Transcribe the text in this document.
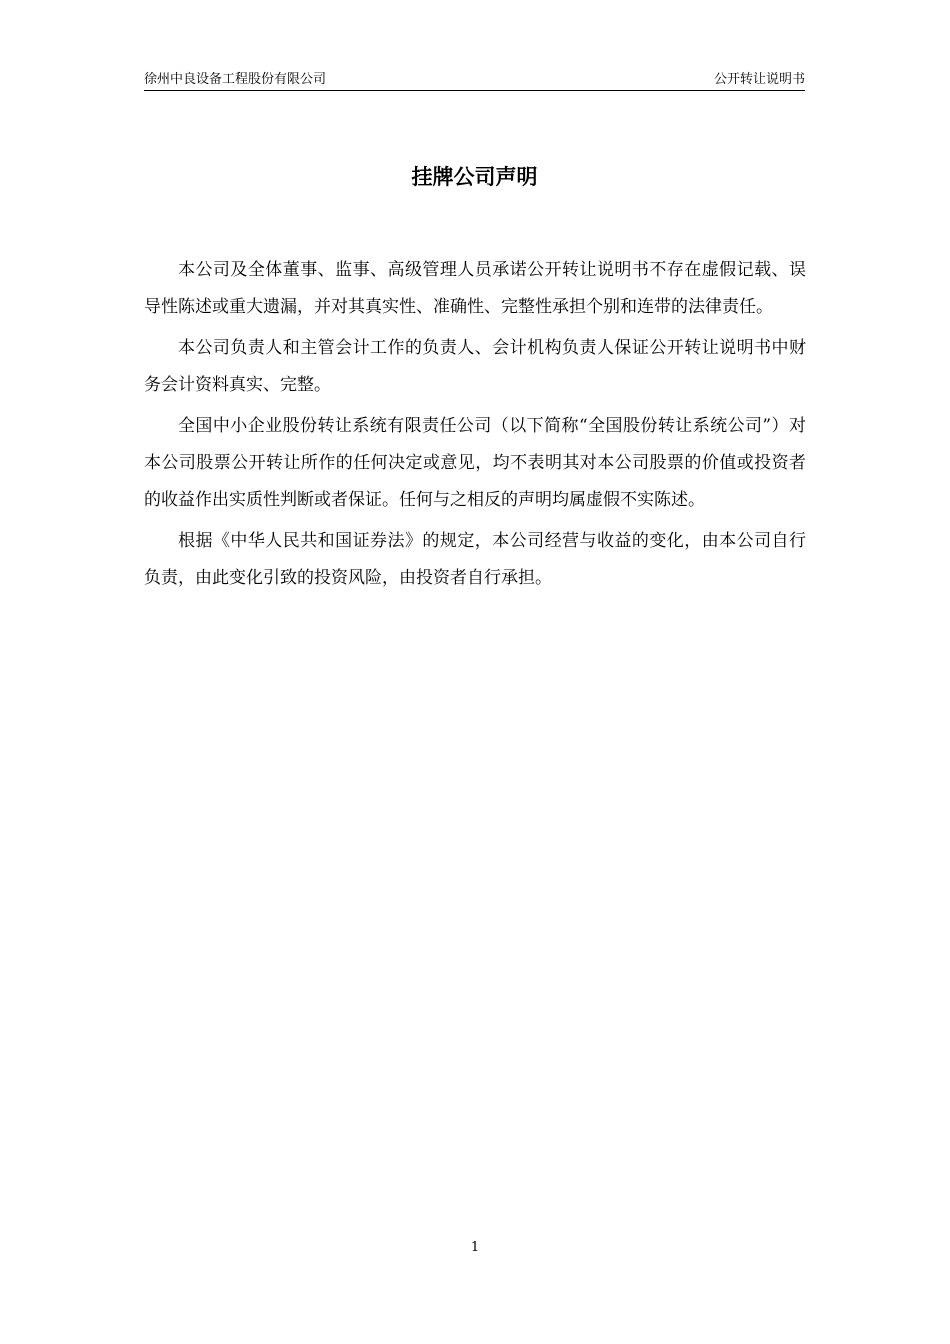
徐州中良设备工程股份有限公司	公开转让说明书
挂牌公司声明

本公司及全体董事、监事、高级管理人员承诺公开转让说明书不存在虚假记载、误导性陈述或重大遗漏，并对其真实性、准确性、完整性承担个别和连带的法律责任。

本公司负责人和主管会计工作的负责人、会计机构负责人保证公开转让说明书中财务会计资料真实、完整。

全国中小企业股份转让系统有限责任公司（以下简称“全国股份转让系统公司”）对本公司股票公开转让所作的任何决定或意见，均不表明其对本公司股票的价值或投资者的收益作出实质性判断或者保证。任何与之相反的声明均属虚假不实陈述。

根据《中华人民共和国证券法》的规定，本公司经营与收益的变化，由本公司自行负责，由此变化引致的投资风险，由投资者自行承担。

1
